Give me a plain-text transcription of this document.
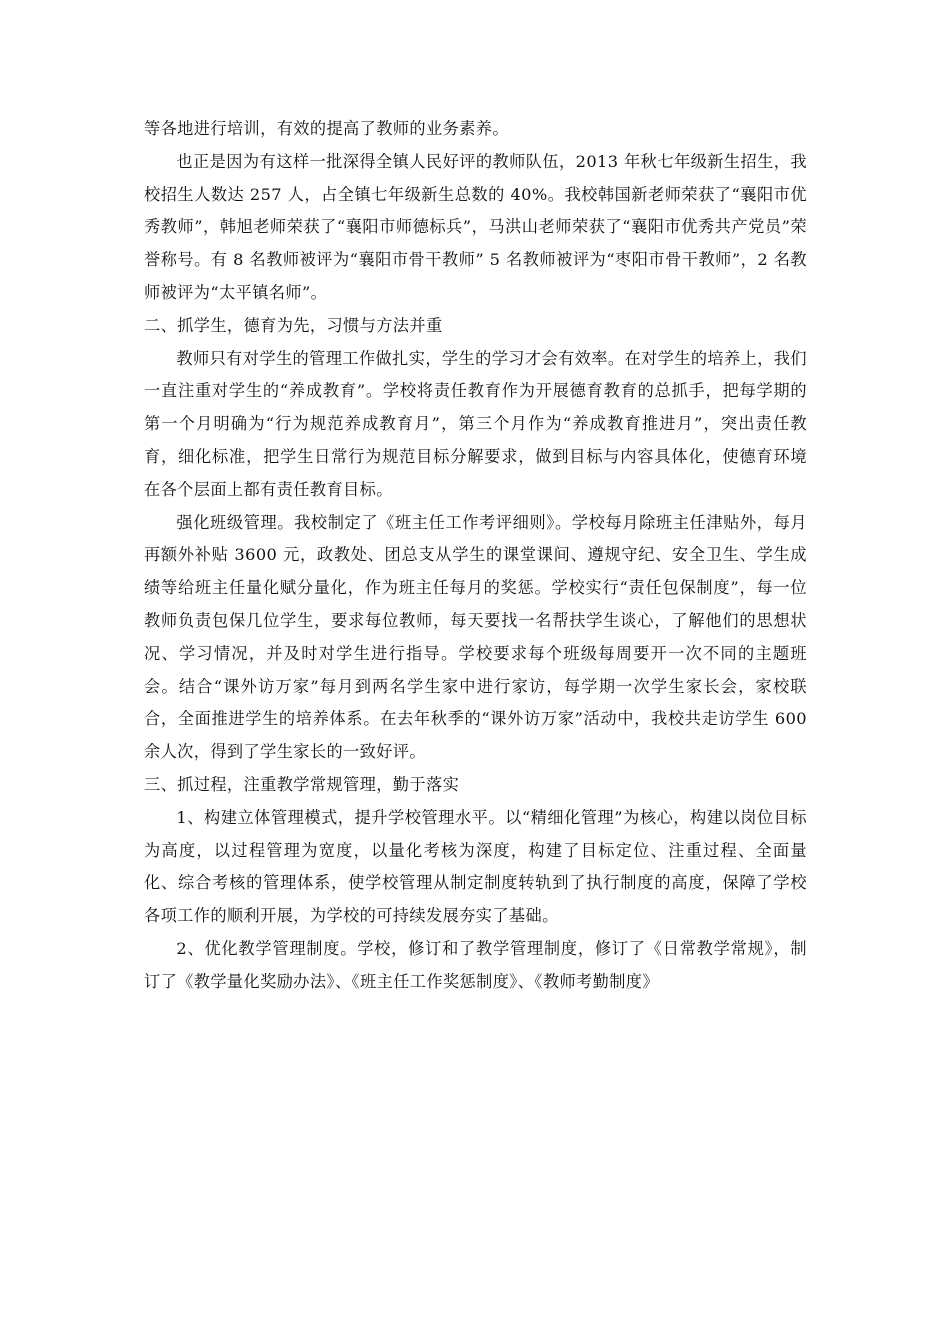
等各地进行培训，有效的提高了教师的业务素养。

也正是因为有这样一批深得全镇人民好评的教师队伍，2013 年秋七年级新生招生，我校招生人数达 257 人，占全镇七年级新生总数的 40%。我校韩国新老师荣获了“襄阳市优秀教师”，韩旭老师荣获了“襄阳市师德标兵”，马洪山老师荣获了“襄阳市优秀共产党员”荣誉称号。有 8 名教师被评为“襄阳市骨干教师” 5 名教师被评为“枣阳市骨干教师”，2 名教师被评为“太平镇名师”。

二、抓学生，德育为先，习惯与方法并重

教师只有对学生的管理工作做扎实，学生的学习才会有效率。在对学生的培养上，我们一直注重对学生的“养成教育”。学校将责任教育作为开展德育教育的总抓手，把每学期的第一个月明确为“行为规范养成教育月”，第三个月作为“养成教育推进月”，突出责任教育，细化标准，把学生日常行为规范目标分解要求，做到目标与内容具体化，使德育环境在各个层面上都有责任教育目标。

强化班级管理。我校制定了《班主任工作考评细则》。学校每月除班主任津贴外，每月再额外补贴 3600 元，政教处、团总支从学生的课堂课间、遵规守纪、安全卫生、学生成绩等给班主任量化赋分量化，作为班主任每月的奖惩。学校实行“责任包保制度”，每一位教师负责包保几位学生，要求每位教师，每天要找一名帮扶学生谈心，了解他们的思想状况、学习情况，并及时对学生进行指导。学校要求每个班级每周要开一次不同的主题班会。结合“课外访万家”每月到两名学生家中进行家访，每学期一次学生家长会，家校联合，全面推进学生的培养体系。在去年秋季的“课外访万家”活动中，我校共走访学生 600 余人次，得到了学生家长的一致好评。

三、抓过程，注重教学常规管理，勤于落实

1、构建立体管理模式，提升学校管理水平。以“精细化管理”为核心，构建以岗位目标为高度，以过程管理为宽度，以量化考核为深度，构建了目标定位、注重过程、全面量化、综合考核的管理体系，使学校管理从制定制度转轨到了执行制度的高度，保障了学校各项工作的顺利开展，为学校的可持续发展夯实了基础。

2、优化教学管理制度。学校，修订和了教学管理制度，修订了《日常教学常规》，制订了《教学量化奖励办法》、《班主任工作奖惩制度》、《教师考勤制度》
